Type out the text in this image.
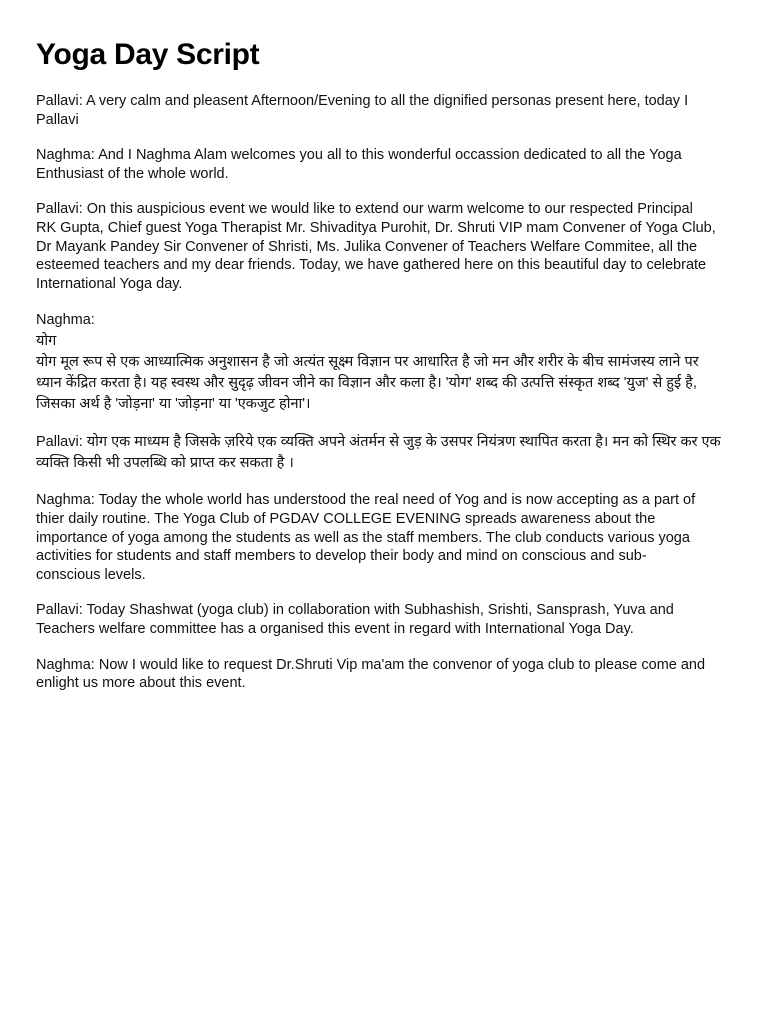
Yoga Day Script
Pallavi: A very calm and pleasent Afternoon/Evening to all the dignified personas present here, today I
Pallavi
Naghma: And I Naghma Alam welcomes you all to this wonderful occassion dedicated to all the Yoga
Enthusiast of the whole world.
Pallavi: On this auspicious event we would like to extend our warm welcome to our respected Principal
RK Gupta, Chief guest Yoga Therapist Mr. Shivaditya Purohit, Dr. Shruti VIP mam Convener of Yoga Club,
Dr Mayank Pandey Sir Convener of Shristi, Ms. Julika Convener of Teachers Welfare Commitee, all the
esteemed teachers and my dear friends. Today, we have gathered here on this beautiful day to celebrate
International Yoga day.
Naghma:
योग
योग मूल रूप से एक आध्यात्मिक अनुशासन है जो अत्यंत सूक्ष्म विज्ञान पर आधारित है जो मन और शरीर के बीच सामंजस्य लाने पर
ध्यान केंद्रित करता है। यह स्वस्थ और सुदृढ़ जीवन जीने का विज्ञान और कला है। 'योग' शब्द की उत्पत्ति संस्कृत शब्द 'युज' से हुई है,
जिसका अर्थ है 'जोड़ना' या 'जोड़ना' या 'एकजुट होना'।
Pallavi: योग एक माध्यम है जिसके ज़रिये एक व्यक्ति अपने अंतर्मन से जुड़ के उसपर नियंत्रण स्थापित करता है। मन को स्थिर कर एक
व्यक्ति किसी भी उपलब्धि को प्राप्त कर सकता है ।
Naghma: Today the whole world has understood the real need of Yog and is now accepting as a part of
thier daily routine. The Yoga Club of PGDAV COLLEGE EVENING spreads awareness about the
importance of yoga among the students as well as the staff members. The club conducts various yoga
activities for students and staff members to develop their body and mind on conscious and sub-
conscious levels.
Pallavi: Today Shashwat (yoga club) in collaboration with Subhashish, Srishti, Sansprash, Yuva and
Teachers welfare committee has a organised this event in regard with International Yoga Day.
Naghma: Now I would like to request Dr.Shruti Vip ma'am the convenor of yoga club to please come and
enlight us more about this event.
